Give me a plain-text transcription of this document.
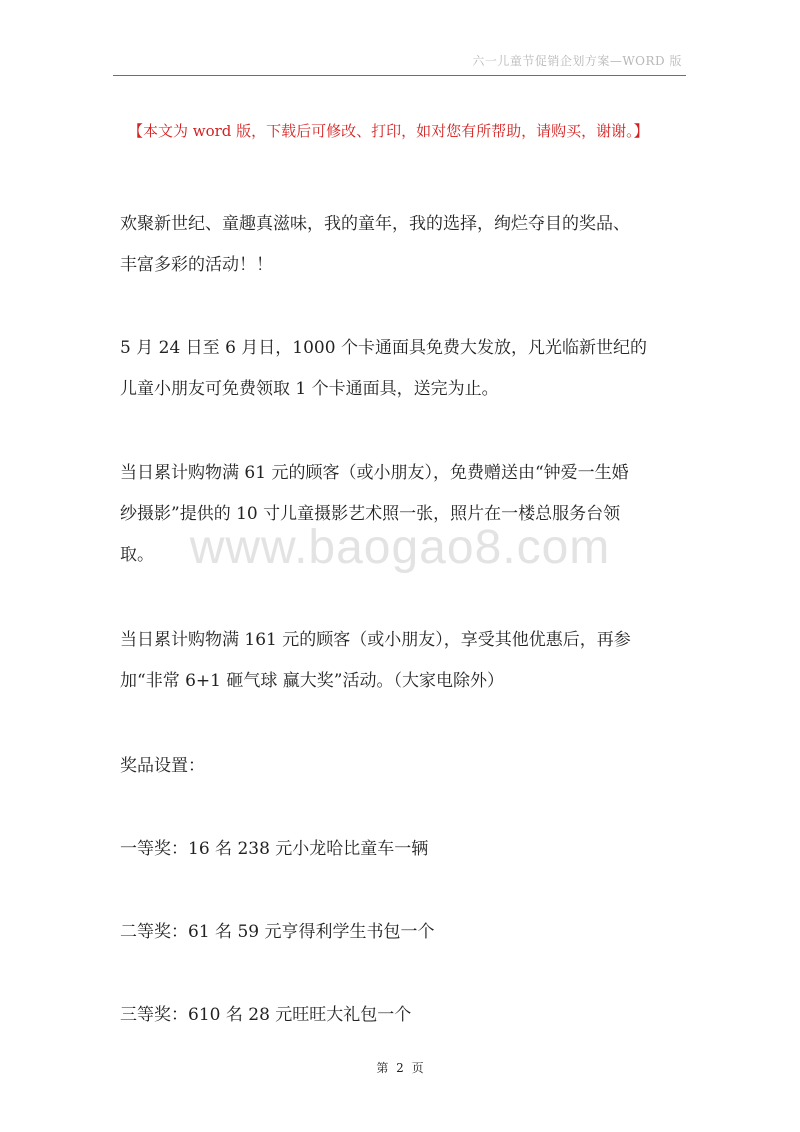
六一儿童节促销企划方案—WORD 版
【本文为 word 版，下载后可修改、打印，如对您有所帮助，请购买，谢谢。】
www.baogao8.com
欢聚新世纪、童趣真滋味，我的童年，我的选择，绚烂夺目的奖品、
丰富多彩的活动！！
5 月 24 日至 6 月日，1000 个卡通面具免费大发放，凡光临新世纪的
儿童小朋友可免费领取 1 个卡通面具，送完为止。
当日累计购物满 61 元的顾客（或小朋友），免费赠送由“钟爱一生婚
纱摄影”提供的 10 寸儿童摄影艺术照一张，照片在一楼总服务台领
取。
当日累计购物满 161 元的顾客（或小朋友），享受其他优惠后，再参
加“非常 6+1 砸气球 赢大奖”活动。（大家电除外）
奖品设置：
一等奖：16 名 238 元小龙哈比童车一辆
二等奖：61 名 59 元亨得利学生书包一个
三等奖：610 名 28 元旺旺大礼包一个
第 2 页
